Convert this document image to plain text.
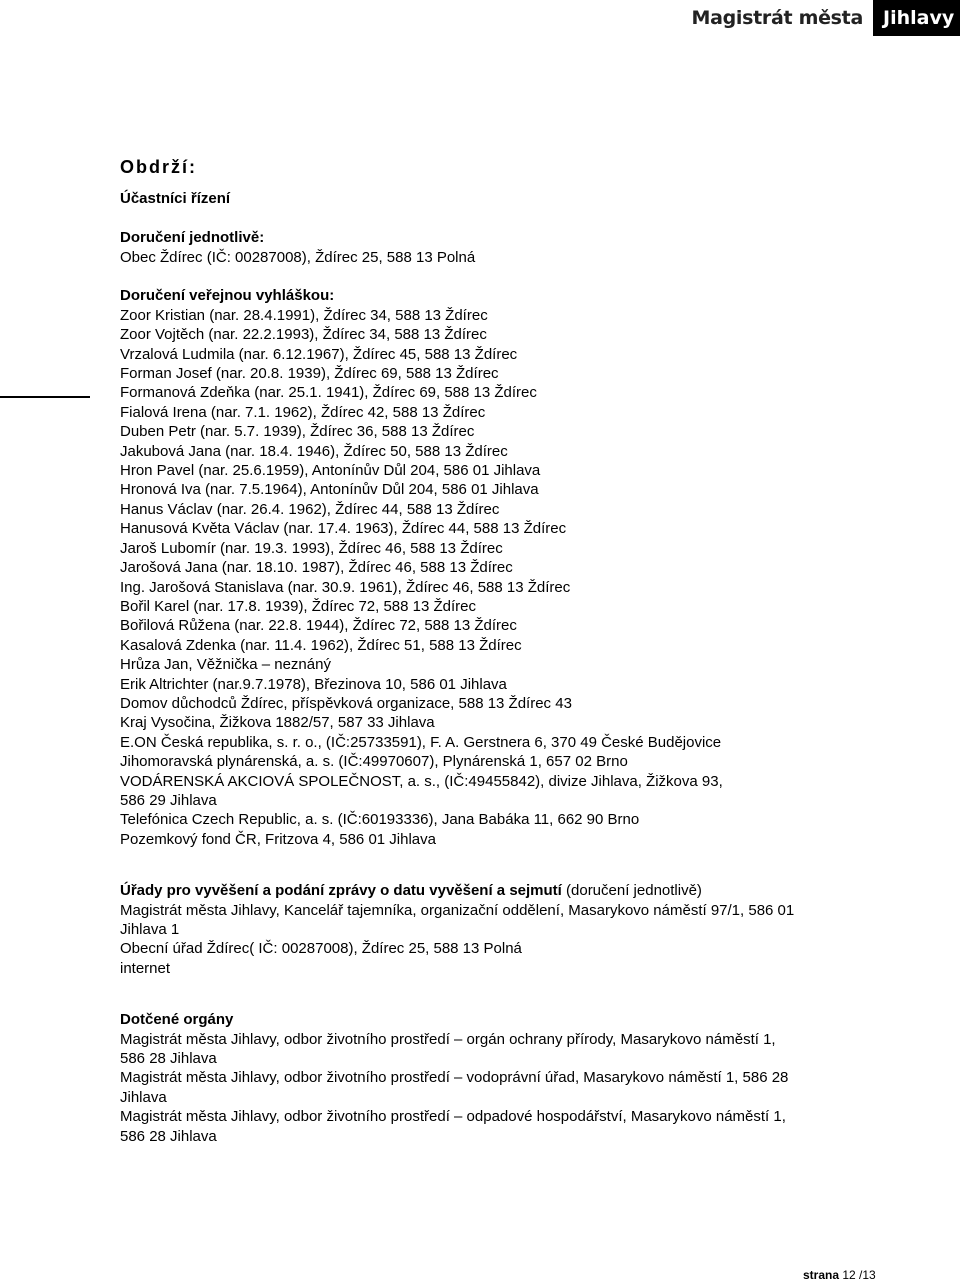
Magistrát města	Jihlavy
Obdrží:
Účastníci řízení
Doručení jednotlivě:
Obec Ždírec (IČ: 00287008), Ždírec 25, 588 13 Polná
Doručení veřejnou vyhláškou:
Zoor Kristian (nar. 28.4.1991), Ždírec 34, 588 13 Ždírec
Zoor Vojtěch (nar. 22.2.1993), Ždírec 34, 588 13 Ždírec
Vrzalová Ludmila (nar. 6.12.1967), Ždírec 45, 588 13 Ždírec
Forman Josef (nar. 20.8. 1939), Ždírec 69, 588 13 Ždírec
Formanová Zdeňka (nar. 25.1. 1941), Ždírec 69, 588 13 Ždírec
Fialová Irena (nar. 7.1. 1962), Ždírec 42, 588 13 Ždírec
Duben Petr (nar. 5.7. 1939), Ždírec 36, 588 13 Ždírec
Jakubová Jana (nar. 18.4. 1946), Ždírec 50, 588 13 Ždírec
Hron Pavel (nar. 25.6.1959), Antonínův Důl 204, 586 01 Jihlava
Hronová Iva (nar. 7.5.1964), Antonínův Důl 204, 586 01 Jihlava
Hanus Václav (nar. 26.4. 1962), Ždírec 44, 588 13 Ždírec
Hanusová Květa Václav (nar. 17.4. 1963), Ždírec 44, 588 13 Ždírec
Jaroš Lubomír (nar. 19.3. 1993), Ždírec 46, 588 13 Ždírec
Jarošová Jana (nar. 18.10. 1987), Ždírec 46, 588 13 Ždírec
Ing. Jarošová Stanislava (nar. 30.9. 1961), Ždírec 46, 588 13 Ždírec
Bořil Karel (nar. 17.8. 1939), Ždírec 72, 588 13 Ždírec
Bořilová Růžena (nar. 22.8. 1944), Ždírec 72, 588 13 Ždírec
Kasalová Zdenka (nar. 11.4. 1962), Ždírec 51, 588 13 Ždírec
Hrůza Jan, Věžnička – neznáný
Erik Altrichter (nar.9.7.1978), Březinova 10, 586 01 Jihlava
Domov důchodců Ždírec, příspěvková organizace, 588 13 Ždírec 43
Kraj Vysočina, Žižkova 1882/57, 587 33 Jihlava
E.ON Česká republika, s. r. o., (IČ:25733591), F. A. Gerstnera 6, 370 49 České Budějovice
Jihomoravská plynárenská, a. s. (IČ:49970607), Plynárenská 1, 657 02 Brno
VODÁRENSKÁ AKCIOVÁ SPOLEČNOST, a. s., (IČ:49455842), divize Jihlava, Žižkova 93,
586 29 Jihlava
Telefónica Czech Republic, a. s. (IČ:60193336), Jana Babáka 11, 662 90 Brno
Pozemkový fond ČR, Fritzova 4, 586 01 Jihlava
Úřady pro vyvěšení a podání zprávy o datu vyvěšení a sejmutí (doručení jednotlivě)
Magistrát města Jihlavy, Kancelář tajemníka, organizační oddělení, Masarykovo náměstí 97/1, 586 01
Jihlava 1
Obecní úřad Ždírec( IČ: 00287008), Ždírec 25, 588 13 Polná
internet
Dotčené orgány
Magistrát města Jihlavy, odbor životního prostředí – orgán ochrany přírody, Masarykovo náměstí 1,
586 28 Jihlava
Magistrát města Jihlavy, odbor životního prostředí – vodoprávní úřad, Masarykovo náměstí 1, 586 28
Jihlava
Magistrát města Jihlavy, odbor životního prostředí – odpadové hospodářství, Masarykovo náměstí 1,
586 28 Jihlava
strana 12 /13
